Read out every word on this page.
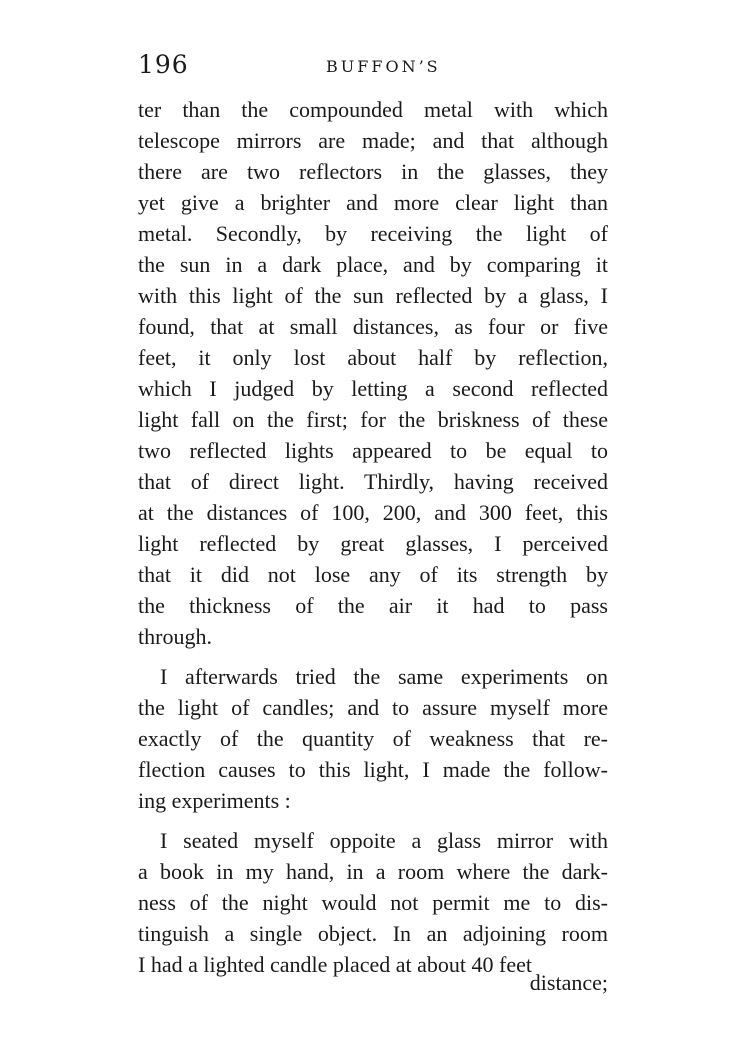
196	BUFFON’S
ter than the compounded metal with which
telescope mirrors are made; and that although
there are two reflectors in the glasses, they
yet give a brighter and more clear light than
metal. Secondly, by receiving the light of
the sun in a dark place, and by comparing it
with this light of the sun reflected by a glass, I
found, that at small distances, as four or five
feet, it only lost about half by reflection,
which I judged by letting a second reflected
light fall on the first; for the briskness of these
two reflected lights appeared to be equal to
that of direct light. Thirdly, having received
at the distances of 100, 200, and 300 feet, this
light reflected by great glasses, I perceived
that it did not lose any of its strength by
the thickness of the air it had to pass
through.
I afterwards tried the same experiments on
the light of candles; and to assure myself more
exactly of the quantity of weakness that re-
flection causes to this light, I made the follow-
ing experiments :
I seated myself oppoite a glass mirror with
a book in my hand, in a room where the dark-
ness of the night would not permit me to dis-
tinguish a single object. In an adjoining room
I had a lighted candle placed at about 40 feet
distance;
